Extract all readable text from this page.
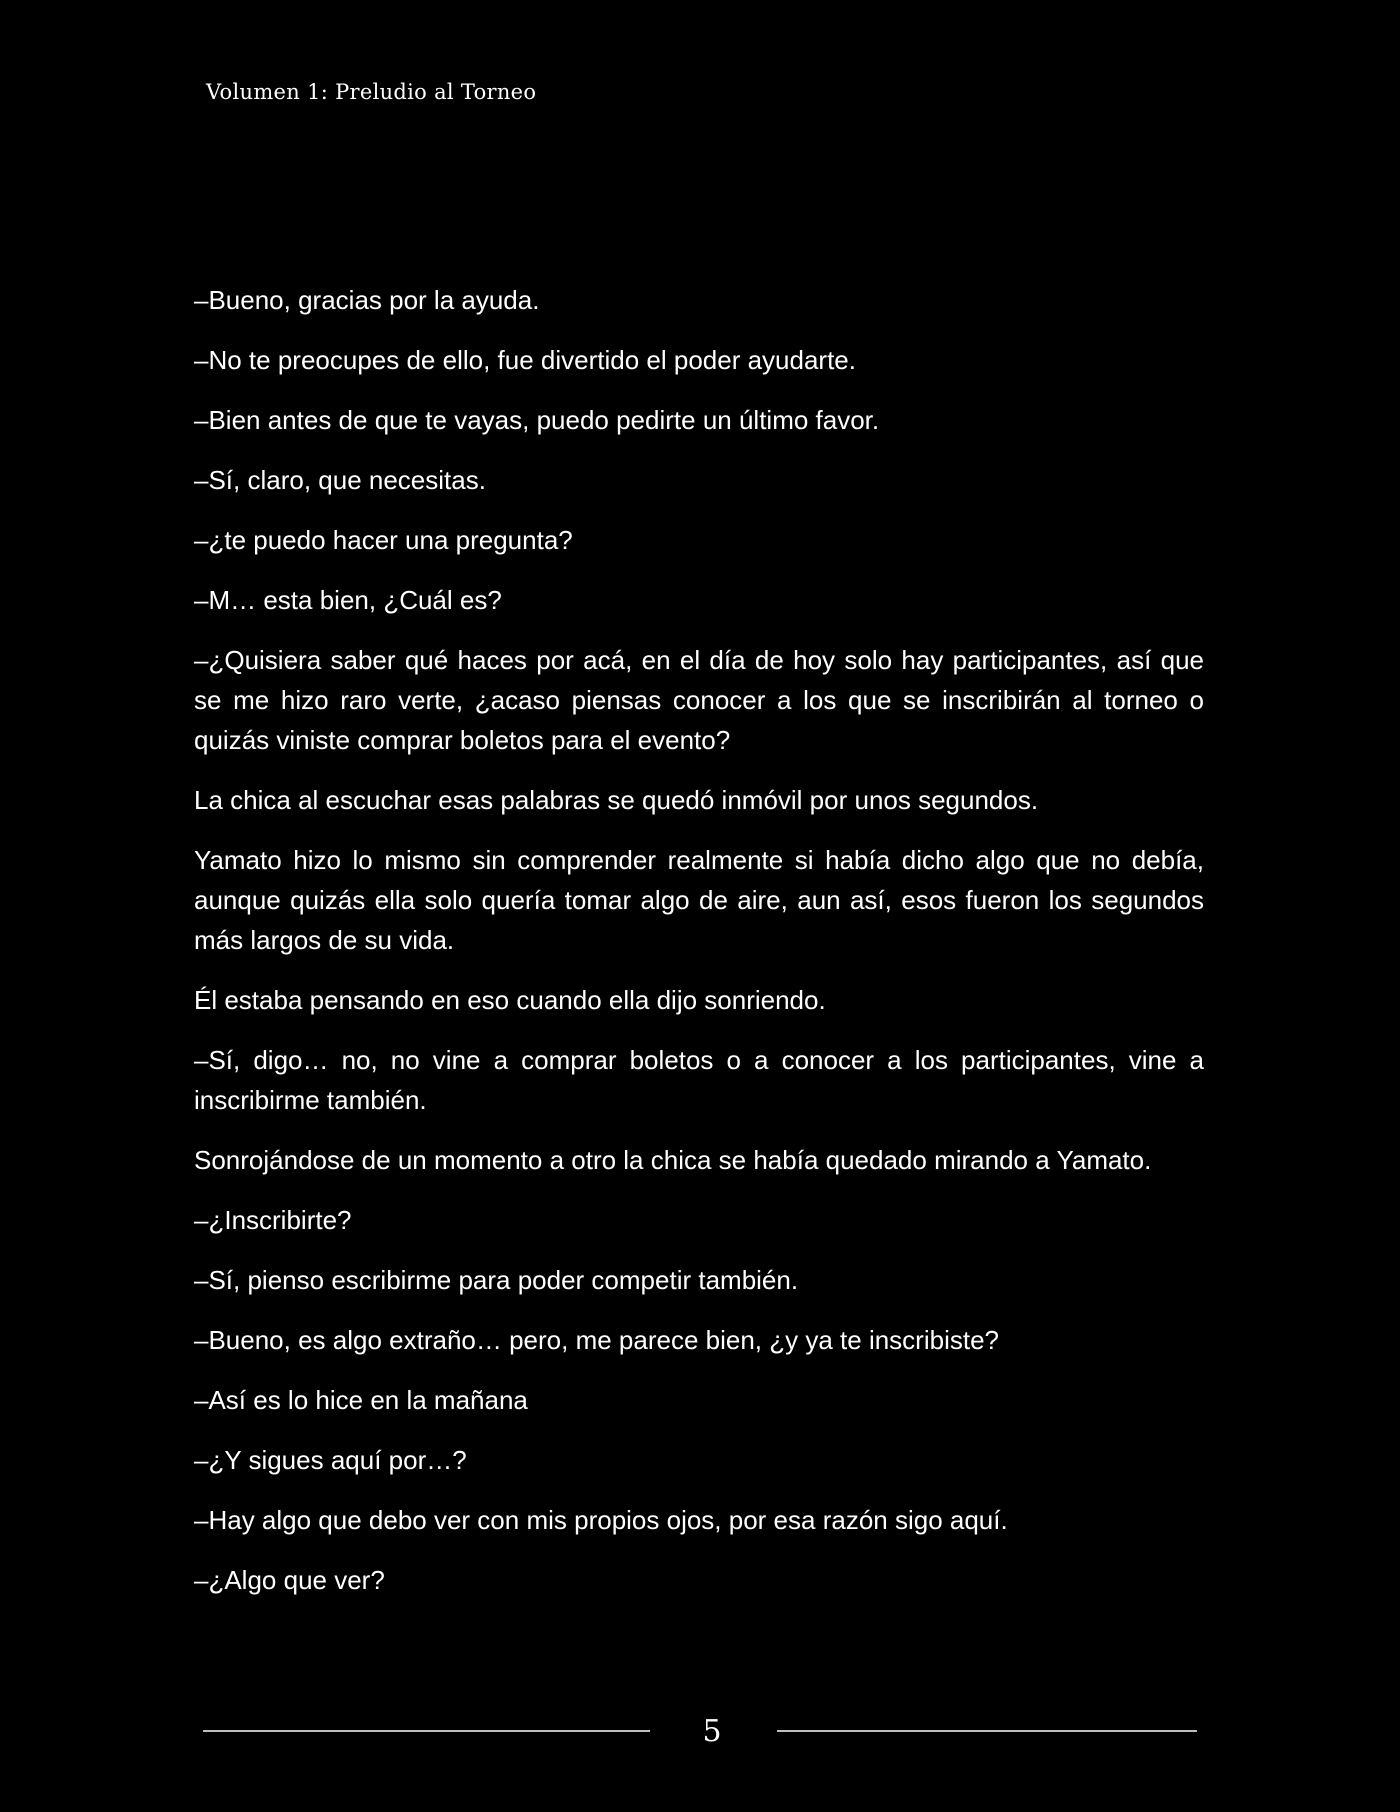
Volumen 1: Preludio al Torneo

–Bueno, gracias por la ayuda.

–No te preocupes de ello, fue divertido el poder ayudarte.

–Bien antes de que te vayas, puedo pedirte un último favor.

–Sí, claro, que necesitas.

–¿te puedo hacer una pregunta?

–M… esta bien, ¿Cuál es?

–¿Quisiera saber qué haces por acá, en el día de hoy solo hay participantes, así que se me hizo raro verte, ¿acaso piensas conocer a los que se inscribirán al torneo o quizás viniste comprar boletos para el evento?

La chica al escuchar esas palabras se quedó inmóvil por unos segundos.

Yamato hizo lo mismo sin comprender realmente si había dicho algo que no debía, aunque quizás ella solo quería tomar algo de aire, aun así, esos fueron los segundos más largos de su vida.

Él estaba pensando en eso cuando ella dijo sonriendo.

–Sí, digo… no, no vine a comprar boletos o a conocer a los participantes, vine a inscribirme también.

Sonrojándose de un momento a otro la chica se había quedado mirando a Yamato.

–¿Inscribirte?

–Sí, pienso escribirme para poder competir también.

–Bueno, es algo extraño… pero, me parece bien, ¿y ya te inscribiste?

–Así es lo hice en la mañana

–¿Y sigues aquí por…?

–Hay algo que debo ver con mis propios ojos, por esa razón sigo aquí.

–¿Algo que ver?

5
